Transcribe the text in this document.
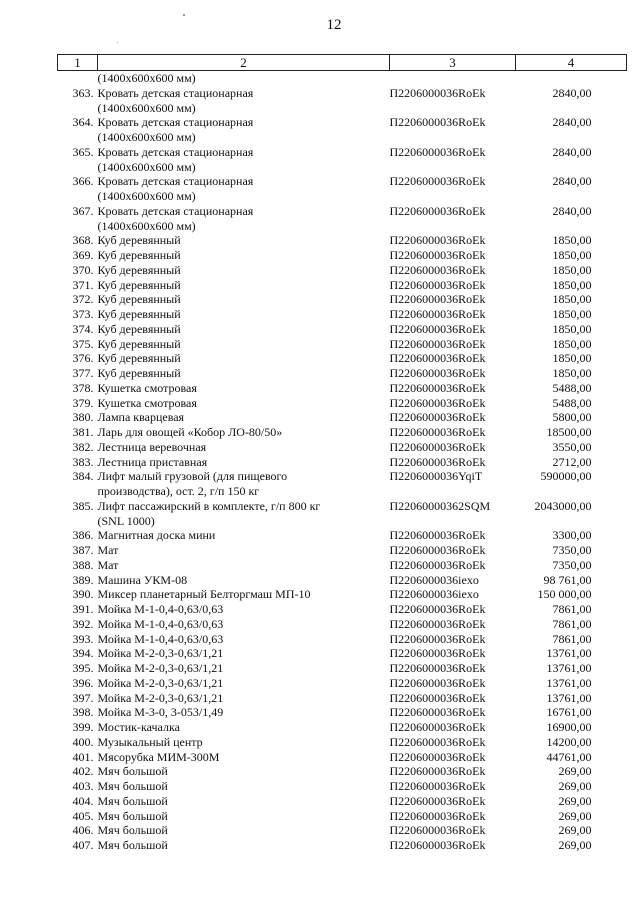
12
1	2	3	4
	(1400х600х600 мм)		
363.	Кровать детская стационарная	П2206000036RoEk	2840,00
	(1400х600х600 мм)		
364.	Кровать детская стационарная	П2206000036RoEk	2840,00
	(1400х600х600 мм)		
365.	Кровать детская стационарная	П2206000036RoEk	2840,00
	(1400х600х600 мм)		
366.	Кровать детская стационарная	П2206000036RoEk	2840,00
	(1400х600х600 мм)		
367.	Кровать детская стационарная	П2206000036RoEk	2840,00
	(1400х600х600 мм)		
368.	Куб деревянный	П2206000036RoEk	1850,00
369.	Куб деревянный	П2206000036RoEk	1850,00
370.	Куб деревянный	П2206000036RoEk	1850,00
371.	Куб деревянный	П2206000036RoEk	1850,00
372.	Куб деревянный	П2206000036RoEk	1850,00
373.	Куб деревянный	П2206000036RoEk	1850,00
374.	Куб деревянный	П2206000036RoEk	1850,00
375.	Куб деревянный	П2206000036RoEk	1850,00
376.	Куб деревянный	П2206000036RoEk	1850,00
377.	Куб деревянный	П2206000036RoEk	1850,00
378.	Кушетка смотровая	П2206000036RoEk	5488,00
379.	Кушетка смотровая	П2206000036RoEk	5488,00
380.	Лампа кварцевая	П2206000036RoEk	5800,00
381.	Ларь для овощей «Кобор ЛО-80/50»	П2206000036RoEk	18500,00
382.	Лестница веревочная	П2206000036RoEk	3550,00
383.	Лестница приставная	П2206000036RoEk	2712,00
384.	Лифт малый грузовой (для пищевого	П2206000036YqiT	590000,00
	производства), ост. 2, г/п 150 кг		
385.	Лифт пассажирский в комплекте, г/п 800 кг	П22060000362SQM	2043000,00
	(SNL 1000)		
386.	Магнитная доска мини	П2206000036RoEk	3300,00
387.	Мат	П2206000036RoEk	7350,00
388.	Мат	П2206000036RoEk	7350,00
389.	Машина УКМ-08	П2206000036iexo	98 761,00
390.	Миксер планетарный Белторгмаш МП-10	П2206000036iexo	150 000,00
391.	Мойка М-1-0,4-0,63/0,63	П2206000036RoEk	7861,00
392.	Мойка М-1-0,4-0,63/0,63	П2206000036RoEk	7861,00
393.	Мойка М-1-0,4-0,63/0,63	П2206000036RoEk	7861,00
394.	Мойка М-2-0,3-0,63/1,21	П2206000036RoEk	13761,00
395.	Мойка М-2-0,3-0,63/1,21	П2206000036RoEk	13761,00
396.	Мойка М-2-0,3-0,63/1,21	П2206000036RoEk	13761,00
397.	Мойка М-2-0,3-0,63/1,21	П2206000036RoEk	13761,00
398.	Мойка М-3-0, 3-053/1,49	П2206000036RoEk	16761,00
399.	Мостик-качалка	П2206000036RoEk	16900,00
400.	Музыкальный центр	П2206000036RoEk	14200,00
401.	Мясорубка МИМ-300М	П2206000036RoEk	44761,00
402.	Мяч большой	П2206000036RoEk	269,00
403.	Мяч большой	П2206000036RoEk	269,00
404.	Мяч большой	П2206000036RoEk	269,00
405.	Мяч большой	П2206000036RoEk	269,00
406.	Мяч большой	П2206000036RoEk	269,00
407.	Мяч большой	П2206000036RoEk	269,00
